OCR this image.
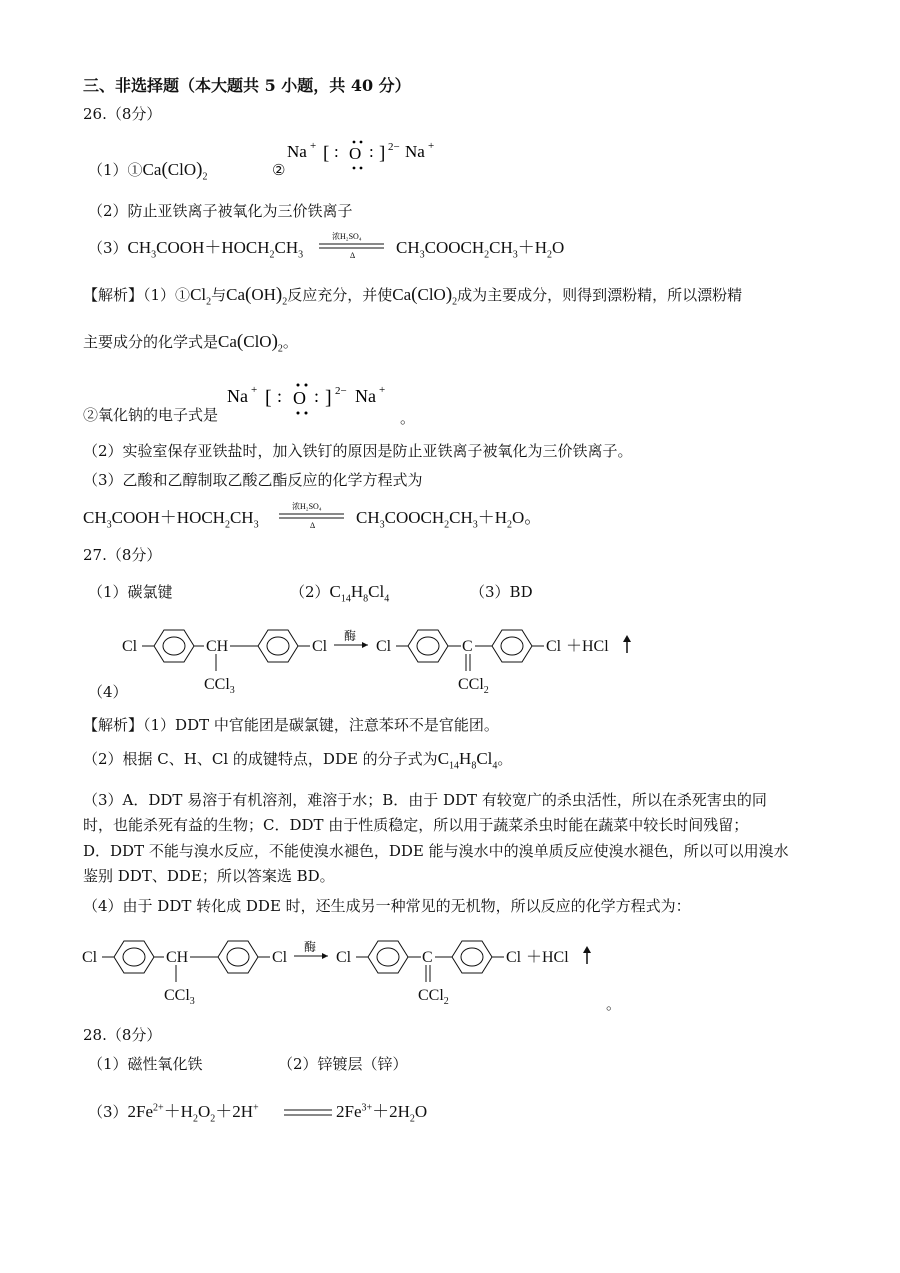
三、非选择题（本大题共 5 小题，共 40 分）
26.（8分）
$(1)①Ca(ClO)_2$	②
Na + [ : O : ] 2− Na +
（2）防止亚铁离子被氧化为三价铁离子
$(3)CH_3COOH+HOCH_2CH_3$
浓H₂SO₄
Δ $CH_3COOCH_2CH_3+H_2O$
【解析】$(1)①Cl_2$与$Ca(OH)_2$反应充分，并使$Ca(ClO)_2$成为主要成分，则得到漂粉精，所以漂粉精
主要成分的化学式是$Ca(ClO)_2$。
②氧化钠的电子式是
Na + [ : O : ] 2− Na +
。
（2）实验室保存亚铁盐时，加入铁钉的原因是防止亚铁离子被氧化为三价铁离子。
（3）乙酸和乙醇制取乙酸乙酯反应的化学方程式为
$CH_3COOH+HOCH_2CH_3$
浓H₂SO₄
Δ $CH_3COOCH_2CH_3+H_2O$。
27.（8分）
（1）碳氯键	$(2)C_{14}H_8Cl_4$	（3）BD
Cl	CH
CCl$_3$
Cl
酶
Cl	C
CCl$_2$
Cl ＋HCl
（4）
【解析】（1）DDT 中官能团是碳氯键，注意苯环不是官能团。
（2）根据 C、H、Cl 的成键特点，DDE 的分子式为$C_{14}H_8Cl_4$。
（3）A．DDT 易溶于有机溶剂，难溶于水；B．由于 DDT 有较宽广的杀虫活性，所以在杀死害虫的同
时，也能杀死有益的生物；C．DDT 由于性质稳定，所以用于蔬菜杀虫时能在蔬菜中较长时间残留；
D．DDT 不能与溴水反应，不能使溴水褪色，DDE 能与溴水中的溴单质反应使溴水褪色，所以可以用溴水
鉴别 DDT、DDE；所以答案选 BD。
（4）由于 DDT 转化成 DDE 时，还生成另一种常见的无机物，所以反应的化学方程式为：
Cl	CH
CCl$_3$
Cl
酶
Cl	C
CCl$_2$
Cl ＋HCl
。
28.（8分）
（1）磁性氧化铁	（2）锌镀层（锌）
$(3)2Fe^{2+}+H_2O_2+2H^+$	$2Fe^{3+}+2H_2O$
